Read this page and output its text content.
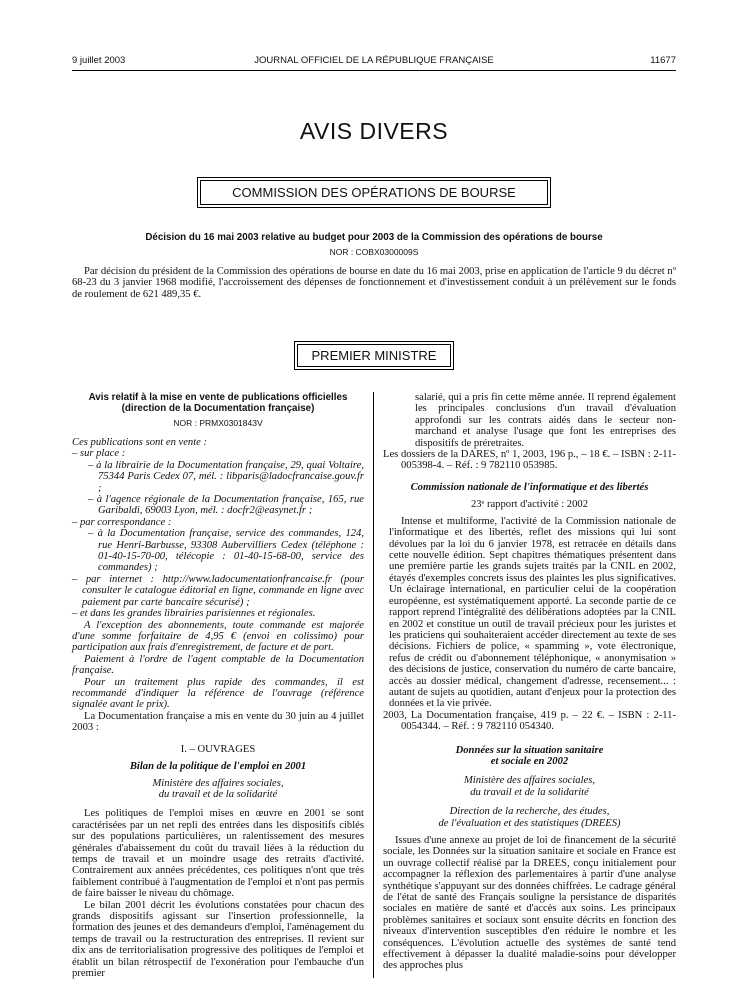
9 juillet 2003	JOURNAL OFFICIEL DE LA RÉPUBLIQUE FRANÇAISE	11677
AVIS DIVERS
COMMISSION DES OPÉRATIONS DE BOURSE
Décision du 16 mai 2003 relative au budget pour 2003 de la Commission des opérations de bourse
NOR : COBX0300009S

Par décision du président de la Commission des opérations de bourse en date du 16 mai 2003, prise en application de l'article 9 du décret nº 68-23 du 3 janvier 1968 modifié, l'accroissement des dépenses de fonctionnement et d'investissement conduit à un prélèvement sur le fonds de roulement de 621 489,35 €.

PREMIER MINISTRE
Avis relatif à la mise en vente de publications officielles
(direction de la Documentation française)
NOR : PRMX0301843V

Ces publications sont en vente :

– sur place :

– à la librairie de la Documentation française, 29, quai Voltaire, 75344 Paris Cedex 07, mél. : libparis@ladocfrancaise.gouv.fr ;

– à l'agence régionale de la Documentation française, 165, rue Garibaldi, 69003 Lyon, mél. : docfr2@easynet.fr ;

– par correspondance :

– à la Documentation française, service des commandes, 124, rue Henri-Barbusse, 93308 Aubervilliers Cedex (téléphone : 01-40-15-70-00, télécopie : 01-40-15-68-00, service des commandes) ;

– par internet : http://www.ladocumentationfrancaise.fr (pour consulter le catalogue éditorial en ligne, commande en ligne avec paiement par carte bancaire sécurisé) ;

– et dans les grandes librairies parisiennes et régionales.

A l'exception des abonnements, toute commande est majorée d'une somme forfaitaire de 4,95 € (envoi en colissimo) pour participation aux frais d'enregistrement, de facture et de port.

Paiement à l'ordre de l'agent comptable de la Documentation française.

Pour un traitement plus rapide des commandes, il est recommandé d'indiquer la référence de l'ouvrage (référence signalée avant le prix).

La Documentation française a mis en vente du 30 juin au 4 juillet 2003 :

I. – OUVRAGES
Bilan de la politique de l'emploi en 2001
Ministère des affaires sociales,
du travail et de la solidarité

Les politiques de l'emploi mises en œuvre en 2001 se sont caractérisées par un net repli des entrées dans les dispositifs ciblés sur des populations particulières, un ralentissement des mesures générales d'abaissement du coût du travail liées à la réduction du temps de travail et un moindre usage des retraits d'activité. Contrairement aux années précédentes, ces politiques n'ont que très faiblement contribué à l'augmentation de l'emploi et n'ont pas permis de faire baisser le niveau du chômage.

Le bilan 2001 décrit les évolutions constatées pour chacun des grands dispositifs agissant sur l'insertion professionnelle, la formation des jeunes et des demandeurs d'emploi, l'aménagement du temps de travail ou la restructuration des entreprises. Il revient sur dix ans de territorialisation progressive des politiques de l'emploi et établit un bilan rétrospectif de l'exonération pour l'embauche d'un premier

salarié, qui a pris fin cette même année. Il reprend également les principales conclusions d'un travail d'évaluation approfondi sur les contrats aidés dans le secteur non-marchand et analyse l'usage que font les entreprises des dispositifs de préretraites.

Les dossiers de la DARES, nº 1, 2003, 196 p., – 18 €. – ISBN : 2-11-005398-4. – Réf. : 9 782110 053985.

Commission nationale de l'informatique et des libertés
23ᵉ rapport d'activité : 2002

Intense et multiforme, l'activité de la Commission nationale de l'informatique et des libertés, reflet des missions qui lui sont dévolues par la loi du 6 janvier 1978, est retracée en détails dans cette nouvelle édition. Sept chapitres thématiques présentent dans une première partie les grands sujets traités par la CNIL en 2002, étayés d'exemples concrets issus des plaintes les plus significatives. Un éclairage international, en particulier celui de la coopération européenne, est systématiquement apporté. La seconde partie de ce rapport reprend l'intégralité des délibérations adoptées par la CNIL en 2002 et constitue un outil de travail précieux pour les juristes et les praticiens qui souhaiteraient accéder directement au texte de ses décisions. Fichiers de police, « spamming », vote électronique, refus de crédit ou d'abonnement téléphonique, « anonymisation » des décisions de justice, conservation du numéro de carte bancaire, accès au dossier médical, changement d'adresse, recensement... : autant de sujets au quotidien, autant d'enjeux pour la protection des données et la vie privée.

2003, La Documentation française, 419 p. – 22 €. – ISBN : 2-11-0054344. – Réf. : 9 782110 054340.

Données sur la situation sanitaire
et sociale en 2002
Ministère des affaires sociales,
du travail et de la solidarité
Direction de la recherche, des études,
de l'évaluation et des statistiques (DREES)

Issues d'une annexe au projet de loi de financement de la sécurité sociale, les Données sur la situation sanitaire et sociale en France est un ouvrage collectif réalisé par la DREES, conçu initialement pour accompagner la réflexion des parlementaires à partir d'une analyse synthétique s'appuyant sur des données chiffrées. Le cadrage général de l'état de santé des Français souligne la persistance de disparités sociales en matière de santé et d'accès aux soins. Les principaux problèmes sanitaires et sociaux sont ensuite décrits en fonction des niveaux d'intervention susceptibles d'en réduire le nombre et les conséquences. L'évolution actuelle des systèmes de santé tend effectivement à dépasser la dualité maladie-soins pour développer des approches plus
